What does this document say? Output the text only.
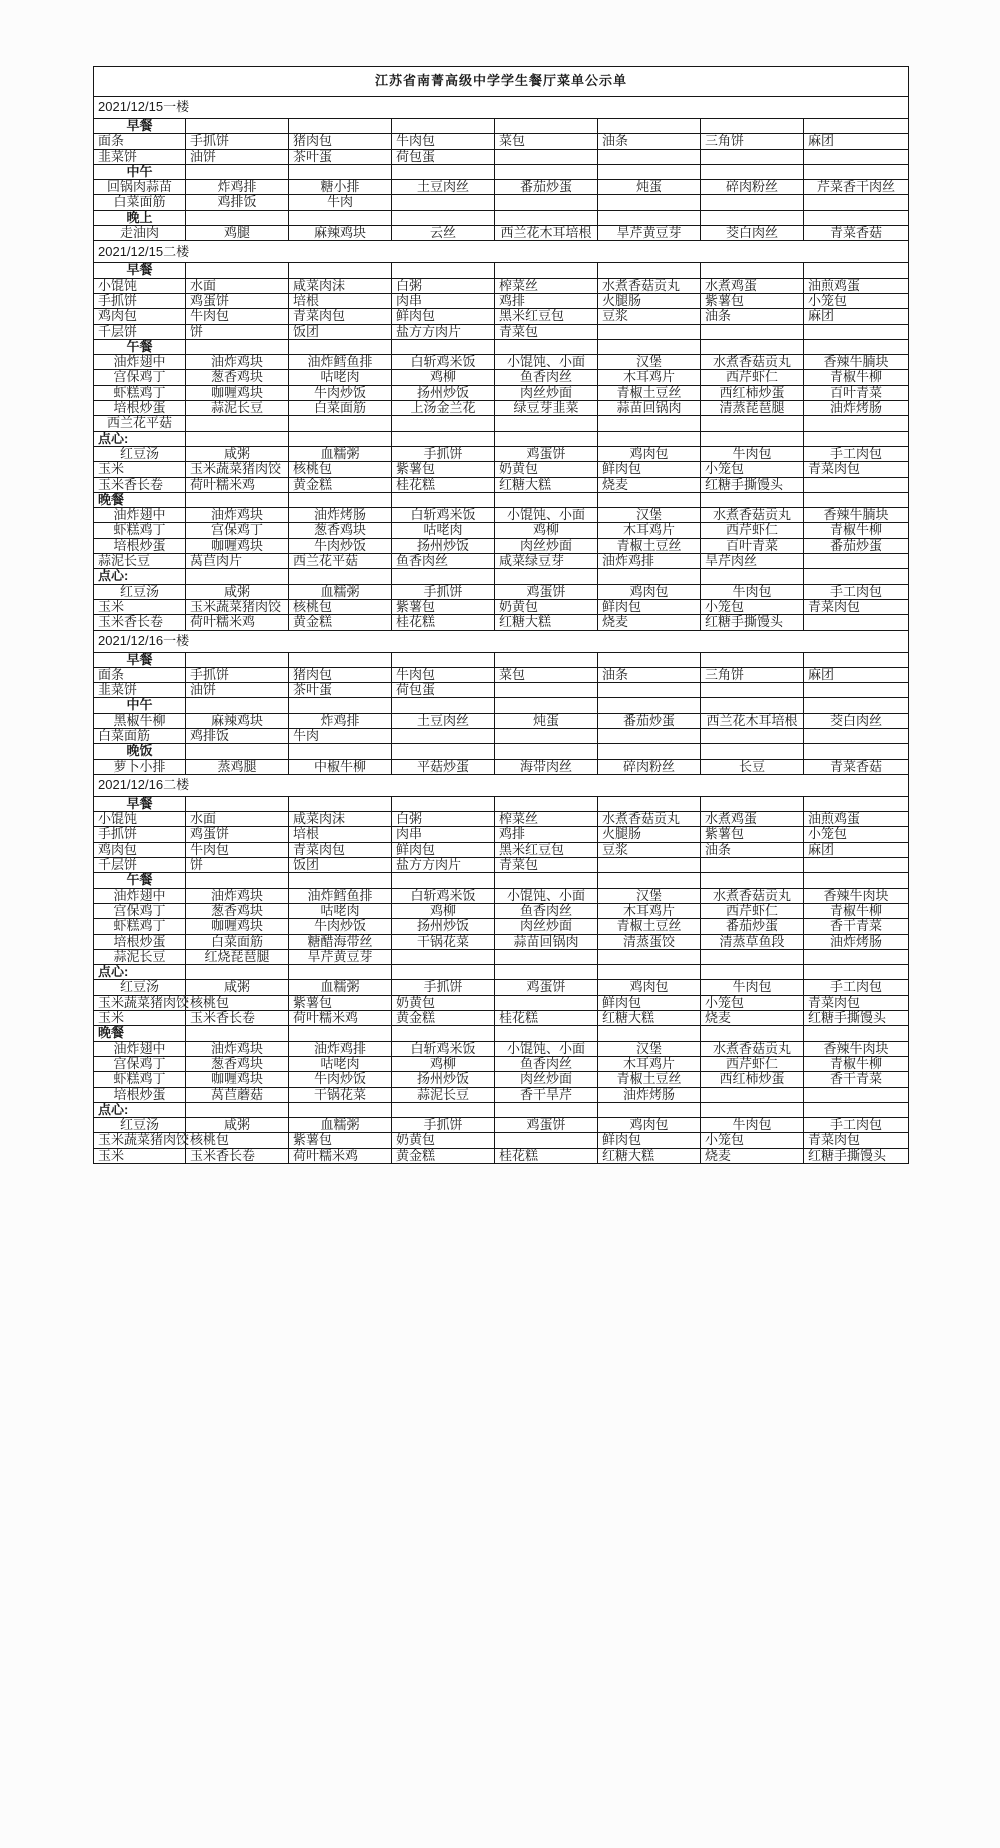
江苏省南菁高级中学学生餐厅菜单公示单							
2021/12/15一楼							
早餐							
面条	手抓饼	猪肉包	牛肉包	菜包	油条	三角饼	麻团
韭菜饼	油饼	茶叶蛋	荷包蛋				
中午							
回锅肉蒜苗	炸鸡排	糖小排	土豆肉丝	番茄炒蛋	炖蛋	碎肉粉丝	芹菜香干肉丝
白菜面筋	鸡排饭	牛肉					
晚上							
走油肉	鸡腿	麻辣鸡块	云丝	西兰花木耳培根	旱芹黄豆芽	茭白肉丝	青菜香菇
2021/12/15二楼							
早餐							
小馄饨	水面	咸菜肉沫	白粥	榨菜丝	水煮香菇贡丸	水煮鸡蛋	油煎鸡蛋
手抓饼	鸡蛋饼	培根	肉串	鸡排	火腿肠	紫薯包	小笼包
鸡肉包	牛肉包	青菜肉包	鲜肉包	黑米红豆包	豆浆	油条	麻团
千层饼	饼	饭团	盐方方肉片	青菜包			
午餐							
油炸翅中	油炸鸡块	油炸鳕鱼排	白斩鸡米饭	小馄饨、小面	汉堡	水煮香菇贡丸	香辣牛腩块
宫保鸡丁	葱香鸡块	咕咾肉	鸡柳	鱼香肉丝	木耳鸡片	西芹虾仁	青椒牛柳
虾糕鸡丁	咖喱鸡块	牛肉炒饭	扬州炒饭	肉丝炒面	青椒土豆丝	西红柿炒蛋	百叶青菜
培根炒蛋	蒜泥长豆	白菜面筋	上汤金兰花	绿豆芽韭菜	蒜苗回锅肉	清蒸琵琶腿	油炸烤肠
西兰花平菇							
点心:							
红豆汤	咸粥	血糯粥	手抓饼	鸡蛋饼	鸡肉包	牛肉包	手工肉包
玉米	玉米蔬菜猪肉饺	核桃包	紫薯包	奶黄包	鲜肉包	小笼包	青菜肉包
玉米香长卷	荷叶糯米鸡	黄金糕	桂花糕	红糖大糕	烧麦	红糖手撕馒头	
晚餐							
油炸翅中	油炸鸡块	油炸烤肠	白斩鸡米饭	小馄饨、小面	汉堡	水煮香菇贡丸	香辣牛腩块
虾糕鸡丁	宫保鸡丁	葱香鸡块	咕咾肉	鸡柳	木耳鸡片	西芹虾仁	青椒牛柳
培根炒蛋	咖喱鸡块	牛肉炒饭	扬州炒饭	肉丝炒面	青椒土豆丝	百叶青菜	番茄炒蛋
蒜泥长豆	莴苣肉片	西兰花平菇	鱼香肉丝	咸菜绿豆芽	油炸鸡排	旱芹肉丝	
点心:							
红豆汤	咸粥	血糯粥	手抓饼	鸡蛋饼	鸡肉包	牛肉包	手工肉包
玉米	玉米蔬菜猪肉饺	核桃包	紫薯包	奶黄包	鲜肉包	小笼包	青菜肉包
玉米香长卷	荷叶糯米鸡	黄金糕	桂花糕	红糖大糕	烧麦	红糖手撕馒头	
2021/12/16一楼							
早餐							
面条	手抓饼	猪肉包	牛肉包	菜包	油条	三角饼	麻团
韭菜饼	油饼	茶叶蛋	荷包蛋				
中午							
黑椒牛柳	麻辣鸡块	炸鸡排	土豆肉丝	炖蛋	番茄炒蛋	西兰花木耳培根	茭白肉丝
白菜面筋	鸡排饭	牛肉					
晚饭							
萝卜小排	蒸鸡腿	中椒牛柳	平菇炒蛋	海带肉丝	碎肉粉丝	长豆	青菜香菇
2021/12/16二楼							
早餐							
小馄饨	水面	咸菜肉沫	白粥	榨菜丝	水煮香菇贡丸	水煮鸡蛋	油煎鸡蛋
手抓饼	鸡蛋饼	培根	肉串	鸡排	火腿肠	紫薯包	小笼包
鸡肉包	牛肉包	青菜肉包	鲜肉包	黑米红豆包	豆浆	油条	麻团
千层饼	饼	饭团	盐方方肉片	青菜包			
午餐							
油炸翅中	油炸鸡块	油炸鳕鱼排	白斩鸡米饭	小馄饨、小面	汉堡	水煮香菇贡丸	香辣牛肉块
宫保鸡丁	葱香鸡块	咕咾肉	鸡柳	鱼香肉丝	木耳鸡片	西芹虾仁	青椒牛柳
虾糕鸡丁	咖喱鸡块	牛肉炒饭	扬州炒饭	肉丝炒面	青椒土豆丝	番茄炒蛋	香干青菜
培根炒蛋	白菜面筋	糖醋海带丝	干锅花菜	蒜苗回锅肉	清蒸蛋饺	清蒸草鱼段	油炸烤肠
蒜泥长豆	红烧琵琶腿	旱芹黄豆芽					
点心:							
红豆汤	咸粥	血糯粥	手抓饼	鸡蛋饼	鸡肉包	牛肉包	手工肉包
玉米蔬菜猪肉饺	核桃包	紫薯包	奶黄包		鲜肉包	小笼包	青菜肉包
玉米	玉米香长卷	荷叶糯米鸡	黄金糕	桂花糕	红糖大糕	烧麦	红糖手撕馒头
晚餐							
油炸翅中	油炸鸡块	油炸鸡排	白斩鸡米饭	小馄饨、小面	汉堡	水煮香菇贡丸	香辣牛肉块
宫保鸡丁	葱香鸡块	咕咾肉	鸡柳	鱼香肉丝	木耳鸡片	西芹虾仁	青椒牛柳
虾糕鸡丁	咖喱鸡块	牛肉炒饭	扬州炒饭	肉丝炒面	青椒土豆丝	西红柿炒蛋	香干青菜
培根炒蛋	莴苣蘑菇	干锅花菜	蒜泥长豆	香干旱芹	油炸烤肠		
点心:							
红豆汤	咸粥	血糯粥	手抓饼	鸡蛋饼	鸡肉包	牛肉包	手工肉包
玉米蔬菜猪肉饺	核桃包	紫薯包	奶黄包		鲜肉包	小笼包	青菜肉包
玉米	玉米香长卷	荷叶糯米鸡	黄金糕	桂花糕	红糖大糕	烧麦	红糖手撕馒头
